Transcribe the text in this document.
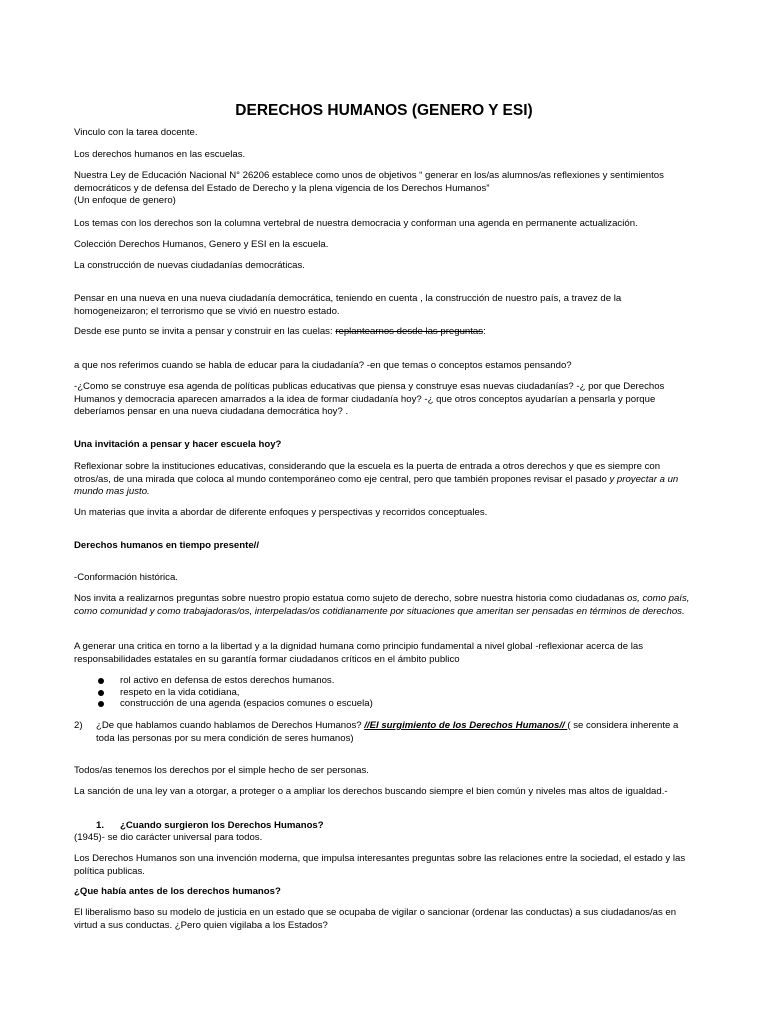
DERECHOS HUMANOS (GENERO Y ESI)

Vinculo con la tarea docente.

Los derechos humanos en las escuelas.

Nuestra Ley de Educación Nacional N° 26206 establece como unos de objetivos “ generar en los/as alumnos/as reflexiones y sentimientos democráticos y de defensa del Estado de Derecho y la plena vigencia de los Derechos Humanos”
(Un enfoque de genero)

Los temas con los derechos son la columna vertebral de nuestra democracia y conforman una agenda en permanente actualización.

Colección Derechos Humanos, Genero y ESI en la escuela.

La construcción de nuevas ciudadanías democráticas.

Pensar en una nueva en una nueva ciudadanía democrática, teniendo en cuenta , la construcción de nuestro país, a travez de la homogeneizaron; el terrorismo que se vivió en nuestro estado.

Desde ese punto se invita a pensar y construir en las cuelas: replantearnos desde las preguntas:

a que nos referimos cuando se habla de educar para la ciudadanía? -en que temas o conceptos estamos pensando?

-¿Como se construye esa agenda de políticas publicas educativas que piensa y construye esas nuevas ciudadanías? -¿ por que Derechos Humanos y democracia aparecen amarrados a la idea de formar ciudadanía hoy? -¿ que otros conceptos ayudarían a pensarla y porque deberíamos pensar en una nueva ciudadana democrática hoy? .

Una invitación a pensar y hacer escuela hoy?

Reflexionar sobre la instituciones educativas, considerando que la escuela es la puerta de entrada a otros derechos y que es siempre con otros/as, de una mirada que coloca al mundo contemporáneo como eje central, pero que también propones revisar el pasado y proyectar a un mundo mas justo.

Un materias que invita a abordar de diferente enfoques y perspectivas y recorridos conceptuales.

Derechos humanos en tiempo presente//

-Conformación histórica.

Nos invita a realizarnos preguntas sobre nuestro propio estatua como sujeto de derecho, sobre nuestra historia como ciudadanas os, como país, como comunidad y como trabajadoras/os, interpeladas/os cotidianamente por situaciones que ameritan ser pensadas en términos de derechos.

A generar una critica en torno a la libertad y a la dignidad humana como principio fundamental a nivel global -reflexionar acerca de las responsabilidades estatales en su garantía formar ciudadanos críticos en el ámbito publico

rol activo en defensa de estos derechos humanos.
respeto en la vida cotidiana,
construcción de una agenda (espacios comunes o escuela)
2) ¿De que hablamos cuando hablamos de Derechos Humanos? //El surgimiento de los Derechos Humanos// ( se considera inherente a toda las personas por su mera condición de seres humanos)

Todos/as tenemos los derechos por el simple hecho de ser personas.

La sanción de una ley van a otorgar, a proteger o a ampliar los derechos buscando siempre el bien común y niveles mas altos de igualdad.-

1. ¿Cuando surgieron los Derechos Humanos?

(1945)- se dio carácter universal para todos.

Los Derechos Humanos son una invención moderna, que impulsa interesantes preguntas sobre las relaciones entre la sociedad, el estado y las política publicas.

¿Que había antes de los derechos humanos?

El liberalismo baso su modelo de justicia en un estado que se ocupaba de vigilar o sancionar (ordenar las conductas) a sus ciudadanos/as en virtud a sus conductas. ¿Pero quien vigilaba a los Estados?
